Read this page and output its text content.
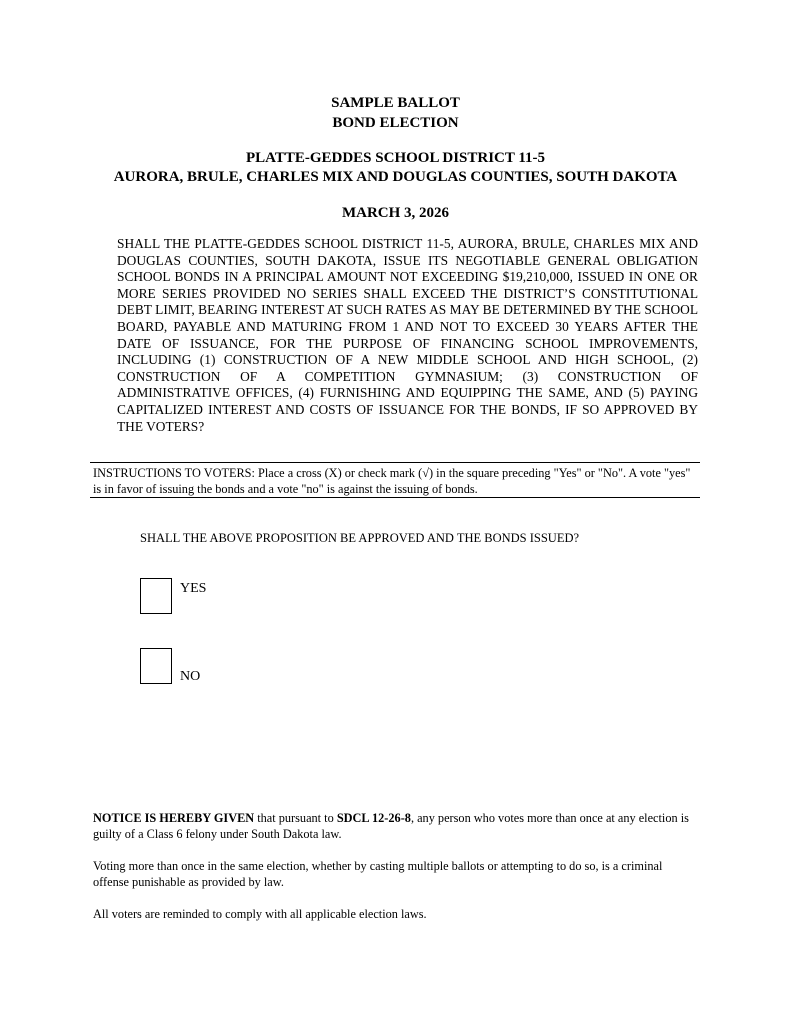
SAMPLE BALLOT
BOND ELECTION
PLATTE-GEDDES SCHOOL DISTRICT 11-5
AURORA, BRULE, CHARLES MIX AND DOUGLAS COUNTIES, SOUTH DAKOTA
MARCH 3, 2026

SHALL THE PLATTE-GEDDES SCHOOL DISTRICT 11-5, AURORA, BRULE, CHARLES MIX AND DOUGLAS COUNTIES, SOUTH DAKOTA, ISSUE ITS NEGOTIABLE GENERAL OBLIGATION SCHOOL BONDS IN A PRINCIPAL AMOUNT NOT EXCEEDING $19,210,000, ISSUED IN ONE OR MORE SERIES PROVIDED NO SERIES SHALL EXCEED THE DISTRICT’S CONSTITUTIONAL DEBT LIMIT, BEARING INTEREST AT SUCH RATES AS MAY BE DETERMINED BY THE SCHOOL BOARD, PAYABLE AND MATURING FROM 1 AND NOT TO EXCEED 30 YEARS AFTER THE DATE OF ISSUANCE, FOR THE PURPOSE OF FINANCING SCHOOL IMPROVEMENTS, INCLUDING (1) CONSTRUCTION OF A NEW MIDDLE SCHOOL AND HIGH SCHOOL, (2) CONSTRUCTION OF A COMPETITION GYMNASIUM; (3) CONSTRUCTION OF ADMINISTRATIVE OFFICES, (4) FURNISHING AND EQUIPPING THE SAME, AND (5) PAYING CAPITALIZED INTEREST AND COSTS OF ISSUANCE FOR THE BONDS, IF SO APPROVED BY THE VOTERS?

INSTRUCTIONS TO VOTERS: Place a cross (X) or check mark (√) in the square preceding "Yes" or "No". A vote "yes" is in favor of issuing the bonds and a vote "no" is against the issuing of bonds.

SHALL THE ABOVE PROPOSITION BE APPROVED AND THE BONDS ISSUED?
YES
NO

NOTICE IS HEREBY GIVEN that pursuant to SDCL 12-26-8, any person who votes more than once at any election is guilty of a Class 6 felony under South Dakota law.

Voting more than once in the same election, whether by casting multiple ballots or attempting to do so, is a criminal offense punishable as provided by law.

All voters are reminded to comply with all applicable election laws.
